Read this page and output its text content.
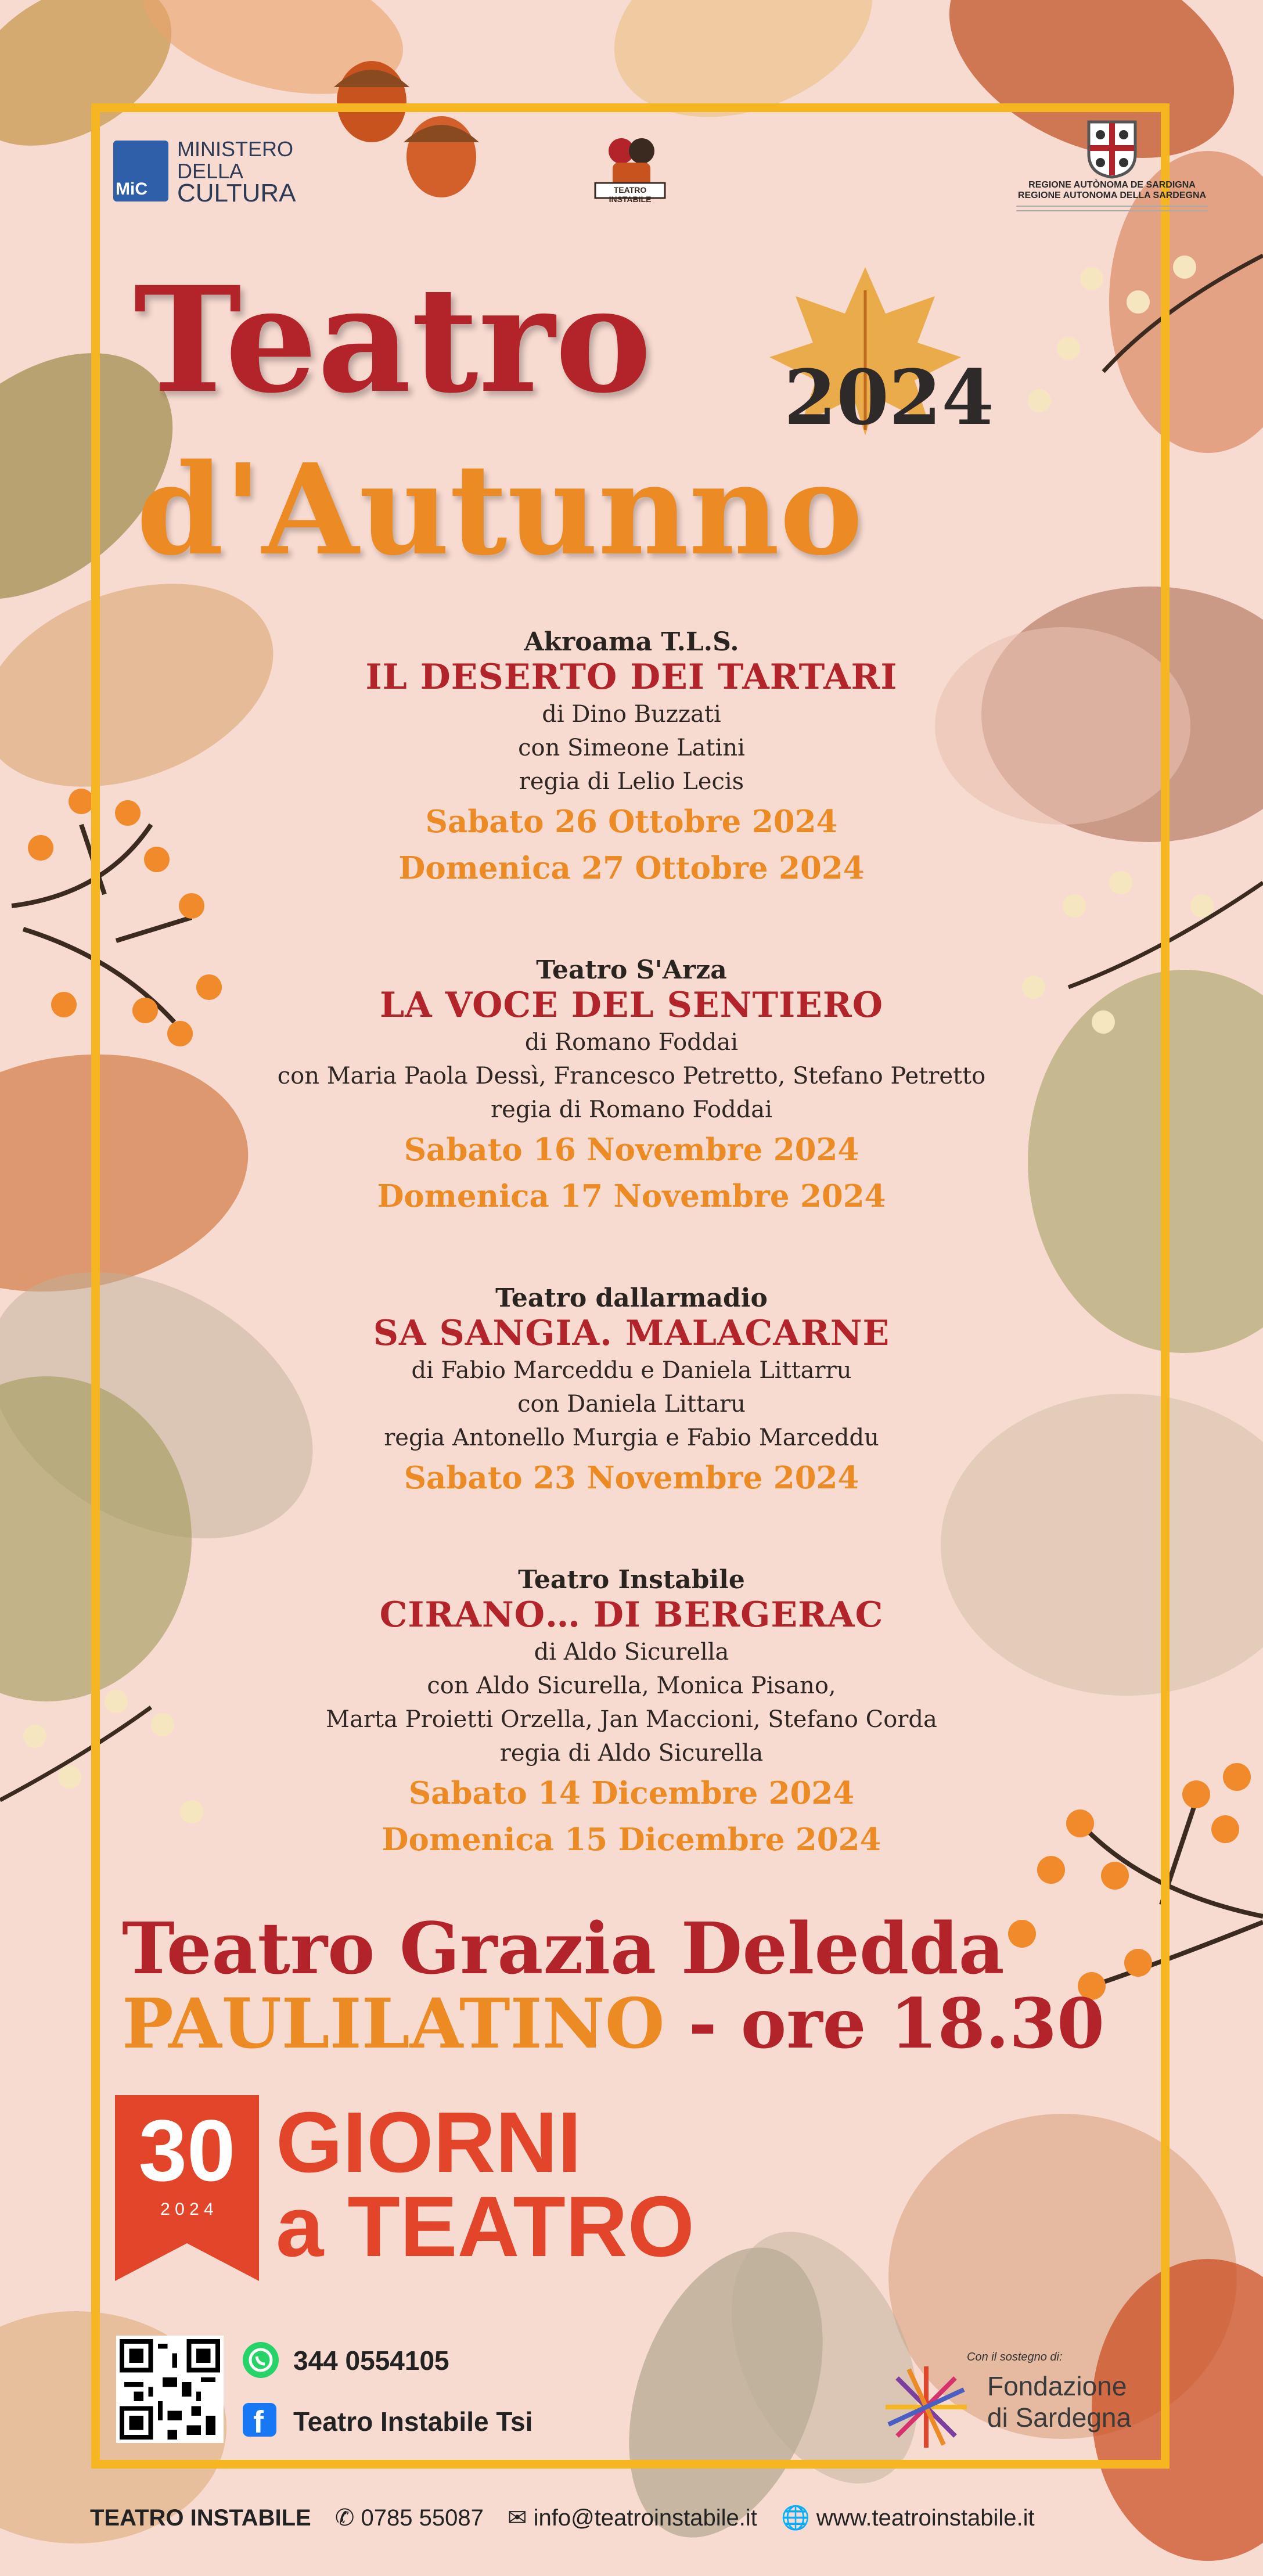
MiC
MINISTERO
DELLA
CULTURA	TEATRO INSTABILE
REGIONE AUTÒNOMA DE SARDIGNA
REGIONE AUTONOMA DELLA SARDEGNA
Teatro 2024
d'Autunno
Akroama T.L.S.
IL DESERTO DEI TARTARI
di Dino Buzzati
con Simeone Latini
regia di Lelio Lecis
Sabato 26 Ottobre 2024
Domenica 27 Ottobre 2024
Teatro S'Arza
LA VOCE DEL SENTIERO
di Romano Foddai
con Maria Paola Dessì, Francesco Petretto, Stefano Petretto
regia di Romano Foddai
Sabato 16 Novembre 2024
Domenica 17 Novembre 2024
Teatro dallarmadio
SA SANGIA. MALACARNE
di Fabio Marceddu e Daniela Littarru
con Daniela Littaru
regia Antonello Murgia e Fabio Marceddu
Sabato 23 Novembre 2024
Teatro Instabile
CIRANO… DI BERGERAC
di Aldo Sicurella
con Aldo Sicurella, Monica Pisano,
Marta Proietti Orzella, Jan Maccioni, Stefano Corda
regia di Aldo Sicurella
Sabato 14 Dicembre 2024
Domenica 15 Dicembre 2024
Teatro Grazia Deledda
PAULILATINO - ore 18.30
30
2 0 2 4
GIORNI
a TEATRO
344 0554105
f Teatro Instabile Tsi
Con il sostegno di:
Fondazione
di Sardegna
TEATRO INSTABILE ✆ 0785 55087 ✉ info@teatroinstabile.it 🌐 www.teatroinstabile.it
